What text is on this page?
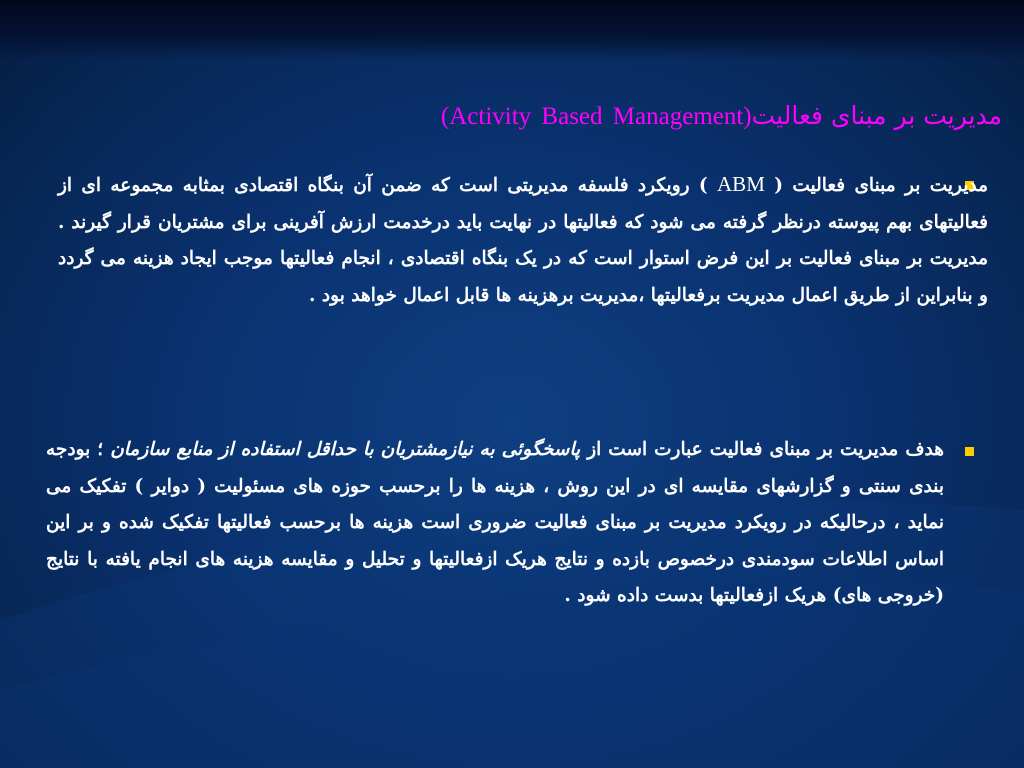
مدیریت بر مبنای فعالیت(Activity Based Management)
مدیریت بر مبنای فعالیت ( ABM ) رویکرد فلسفه مدیریتی است که ضمن آن بنگاه اقتصادی بمثابه مجموعه ای از فعالیتهای بهم پیوسته درنظر گرفته می شود که فعالیتها در نهایت باید درخدمت ارزش آفرینی برای مشتریان قرار گیرند . مدیریت بر مبنای فعالیت بر این فرض استوار است که در یک بنگاه اقتصادی ، انجام فعالیتها موجب ایجاد هزینه می گردد و بنابراین از طریق اعمال مدیریت برفعالیتها ،مدیریت برهزینه ها قابل اعمال خواهد بود .
هدف مدیریت بر مبنای فعالیت عبارت است از پاسخگوئی به نیازمشتریان با حداقل استفاده از منابع سازمان ؛ بودجه بندی سنتی و گزارشهای مقایسه ای در این روش ، هزینه ها را برحسب حوزه های مسئولیت ( دوایر ) تفکیک می نماید ، درحالیکه در رویکرد مدیریت بر مبنای فعالیت ضروری است هزینه ها برحسب فعالیتها تفکیک شده و بر این اساس اطلاعات سودمندی درخصوص بازده و نتایج هریک ازفعالیتها و تحلیل و مقایسه هزینه های انجام یافته با نتایج (خروجی های) هریک ازفعالیتها بدست داده شود .
